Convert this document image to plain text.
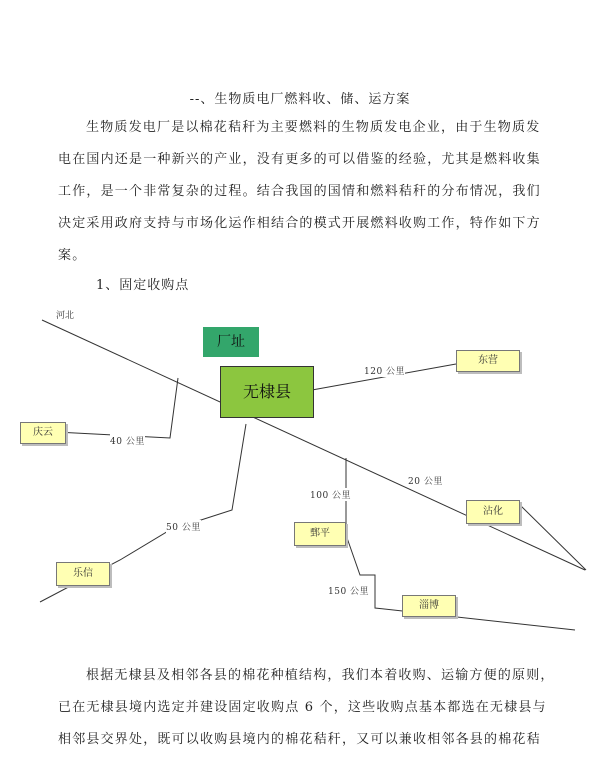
--、生物质电厂燃料收、储、运方案
生物质发电厂是以棉花秸秆为主要燃料的生物质发电企业，由于生物质发
电在国内还是一种新兴的产业，没有更多的可以借鉴的经验，尤其是燃料收集
工作，是一个非常复杂的过程。结合我国的国情和燃料秸秆的分布情况，我们
决定采用政府支持与市场化运作相结合的模式开展燃料收购工作，特作如下方
案。
1、固定收购点
河北
厂址
无棣县
东营
庆云
沾化
鄄平
乐信
淄博
120 公里
40 公里
20 公里
100 公里
50 公里
150 公里
根据无棣县及相邻各县的棉花种植结构，我们本着收购、运输方便的原则，
已在无棣县境内选定并建设固定收购点 6 个，这些收购点基本都选在无棣县与
相邻县交界处，既可以收购县境内的棉花秸秆，又可以兼收相邻各县的棉花秸
